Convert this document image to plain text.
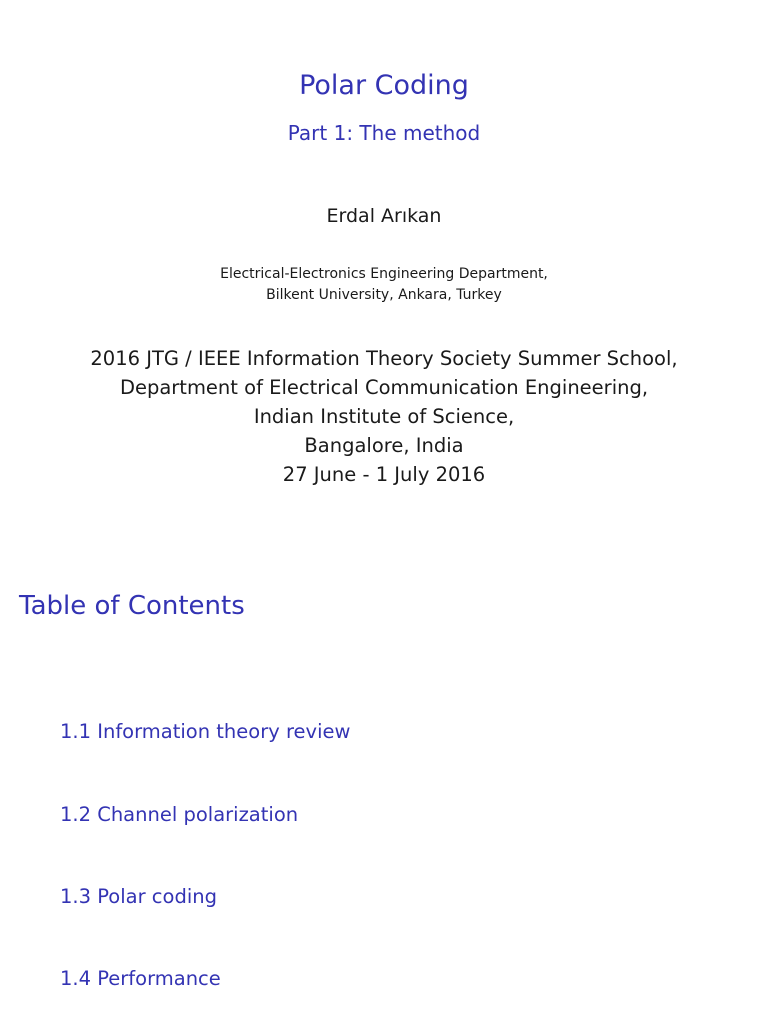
Polar Coding
Part 1: The method
Erdal Arıkan
Electrical-Electronics Engineering Department,
Bilkent University, Ankara, Turkey
2016 JTG / IEEE Information Theory Society Summer School,
Department of Electrical Communication Engineering,
Indian Institute of Science,
Bangalore, India
27 June - 1 July 2016
Table of Contents
1.1 Information theory review
1.2 Channel polarization
1.3 Polar coding
1.4 Performance
